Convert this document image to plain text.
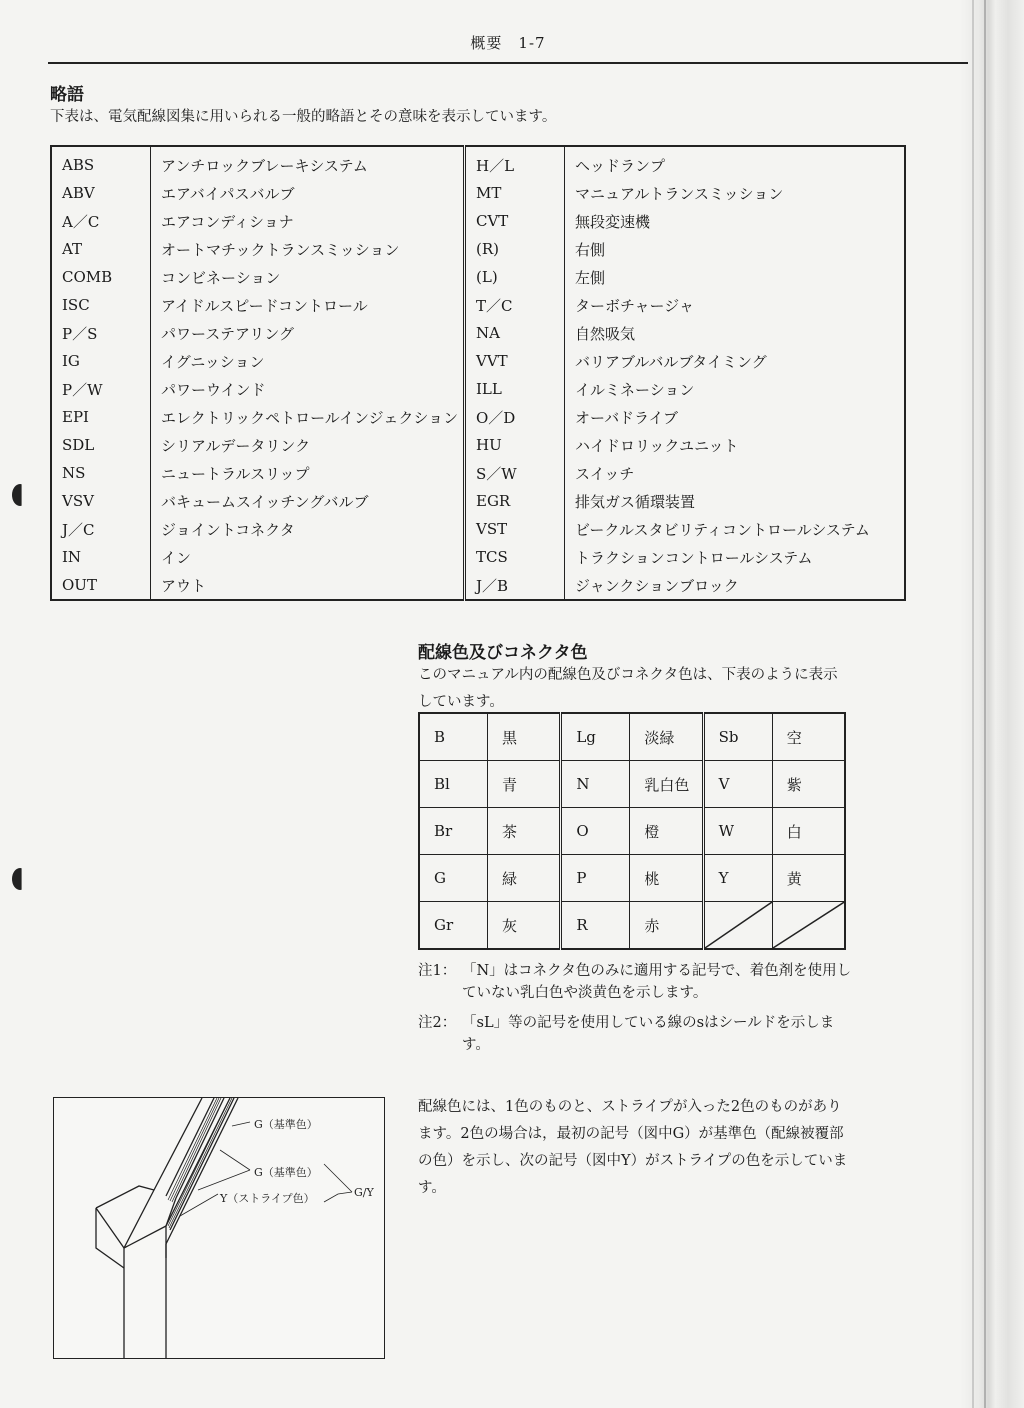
概要　1-7
略語
下表は、電気配線図集に用いられる一般的略語とその意味を表示しています。
ABS	アンチロックブレーキシステム	H／L	ヘッドランプ
ABV	エアバイパスバルブ	MT	マニュアルトランスミッション
A／C	エアコンディショナ	CVT	無段変速機
AT	オートマチックトランスミッション	(R)	右側
COMB	コンビネーション	(L)	左側
ISC	アイドルスピードコントロール	T／C	ターボチャージャ
P／S	パワーステアリング	NA	自然吸気
IG	イグニッション	VVT	バリアブルバルブタイミング
P／W	パワーウインド	ILL	イルミネーション
EPI	エレクトリックペトロールインジェクション	O／D	オーバドライブ
SDL	シリアルデータリンク	HU	ハイドロリックユニット
NS	ニュートラルスリップ	S／W	スイッチ
VSV	バキュームスイッチングバルブ	EGR	排気ガス循環装置
J／C	ジョイントコネクタ	VST	ビークルスタビリティコントロールシステム
IN	イン	TCS	トラクションコントロールシステム
OUT	アウト	J／B	ジャンクションブロック
配線色及びコネクタ色
このマニュアル内の配線色及びコネクタ色は、下表のように表示
しています。
B	黒	Lg	淡緑	Sb	空
Bl	青	N	乳白色	V	紫
Br	茶	O	橙	W	白
G	緑	P	桃	Y	黄
Gr	灰	R	赤	

注1： 「N」はコネクタ色のみに適用する記号で、着色剤を使用し
ていない乳白色や淡黄色を示します。
注2： 「sL」等の記号を使用している線のsはシールドを示しま
す。
配線色には、1色のものと、ストライプが入った2色のものがあり
ます。2色の場合は，最初の記号（図中G）が基準色（配線被覆部
の色）を示し、次の記号（図中Y）がストライプの色を示していま
す。
G（基準色）
G（基準色）
Y（ストライプ色）	G/Y
